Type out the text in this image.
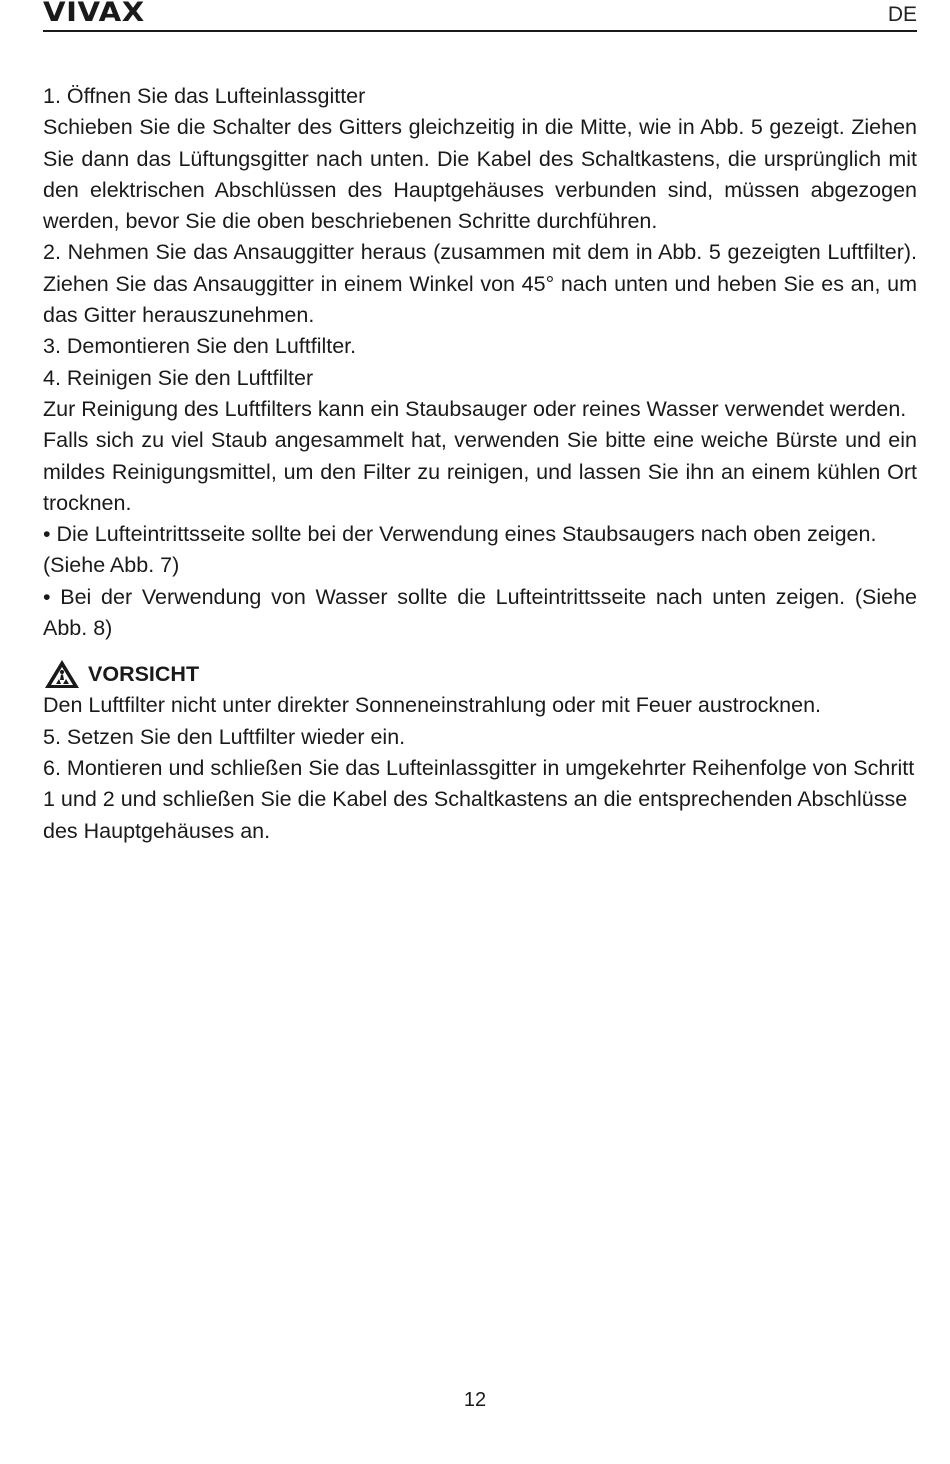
VIVAX	DE

1. Öffnen Sie das Lufteinlassgitter

Schieben Sie die Schalter des Gitters gleichzeitig in die Mitte, wie in Abb. 5 gezeigt. Ziehen Sie dann das Lüftungsgitter nach unten. Die Kabel des Schaltkastens, die ursprünglich mit den elektrischen Abschlüssen des Hauptgehäuses verbunden sind, müssen abgezogen werden, bevor Sie die oben beschriebenen Schritte durchführen.

2. Nehmen Sie das Ansauggitter heraus (zusammen mit dem in Abb. 5 gezeigten Luftfilter). Ziehen Sie das Ansauggitter in einem Winkel von 45° nach unten und heben Sie es an, um das Gitter herauszunehmen.

3. Demontieren Sie den Luftfilter.

4. Reinigen Sie den Luftfilter

Zur Reinigung des Luftfilters kann ein Staubsauger oder reines Wasser verwendet werden.

Falls sich zu viel Staub angesammelt hat, verwenden Sie bitte eine weiche Bürste und ein mildes Reinigungsmittel, um den Filter zu reinigen, und lassen Sie ihn an einem kühlen Ort trocknen.

• Die Lufteintrittsseite sollte bei der Verwendung eines Staubsaugers nach oben zeigen. (Siehe Abb. 7)

• Bei der Verwendung von Wasser sollte die Lufteintrittsseite nach unten zeigen. (Siehe Abb. 8)

VORSICHT

Den Luftfilter nicht unter direkter Sonneneinstrahlung oder mit Feuer austrocknen.

5. Setzen Sie den Luftfilter wieder ein.

6. Montieren und schließen Sie das Lufteinlassgitter in umgekehrter Reihenfolge von Schritt 1 und 2 und schließen Sie die Kabel des Schaltkastens an die entsprechenden Abschlüsse des Hauptgehäuses an.

12
